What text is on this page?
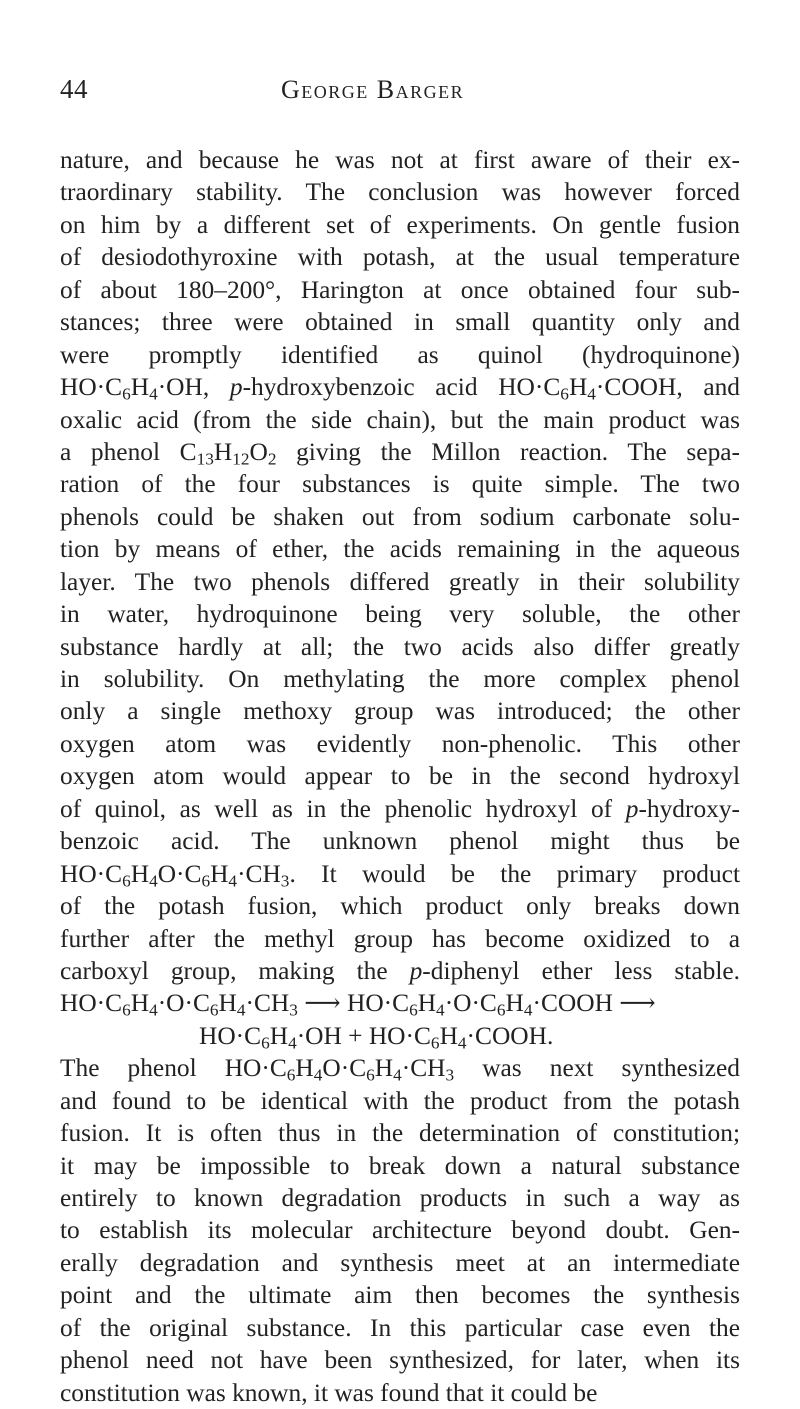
44	George Barger
nature, and because he was not at first aware of their ex-
traordinary stability. The conclusion was however forced
on him by a different set of experiments. On gentle fusion
of desiodothyroxine with potash, at the usual temperature
of about 180–200°, Harington at once obtained four sub-
stances; three were obtained in small quantity only and
were promptly identified as quinol (hydroquinone)
$HO\cdot C_6H_4\cdot OH$, p-hydroxybenzoic acid $HO\cdot C_6H_4\cdot COOH$, and
oxalic acid (from the side chain), but the main product was
a phenol $C_{13}H_{12}O_2$ giving the Millon reaction. The sepa-
ration of the four substances is quite simple. The two
phenols could be shaken out from sodium carbonate solu-
tion by means of ether, the acids remaining in the aqueous
layer. The two phenols differed greatly in their solubility
in water, hydroquinone being very soluble, the other
substance hardly at all; the two acids also differ greatly
in solubility. On methylating the more complex phenol
only a single methoxy group was introduced; the other
oxygen atom was evidently non-phenolic. This other
oxygen atom would appear to be in the second hydroxyl
of quinol, as well as in the phenolic hydroxyl of p-hydroxy-
benzoic acid. The unknown phenol might thus be
$HO\cdot C_6H_4O\cdot C_6H_4\cdot CH_3$. It would be the primary product
of the potash fusion, which product only breaks down
further after the methyl group has become oxidized to a
carboxyl group, making the p-diphenyl ether less stable.
$HO\cdot C_6H_4\cdot O\cdot C_6H_4\cdot CH_3$ ⟶ $HO\cdot C_6H_4\cdot O\cdot C_6H_4\cdot COOH$ ⟶
$HO\cdot C_6H_4\cdot OH$ + $HO\cdot C_6H_4\cdot COOH$.
The phenol $HO\cdot C_6H_4O\cdot C_6H_4\cdot CH_3$ was next synthesized
and found to be identical with the product from the potash
fusion. It is often thus in the determination of constitution;
it may be impossible to break down a natural substance
entirely to known degradation products in such a way as
to establish its molecular architecture beyond doubt. Gen-
erally degradation and synthesis meet at an intermediate
point and the ultimate aim then becomes the synthesis
of the original substance. In this particular case even the
phenol need not have been synthesized, for later, when its
constitution was known, it was found that it could be
